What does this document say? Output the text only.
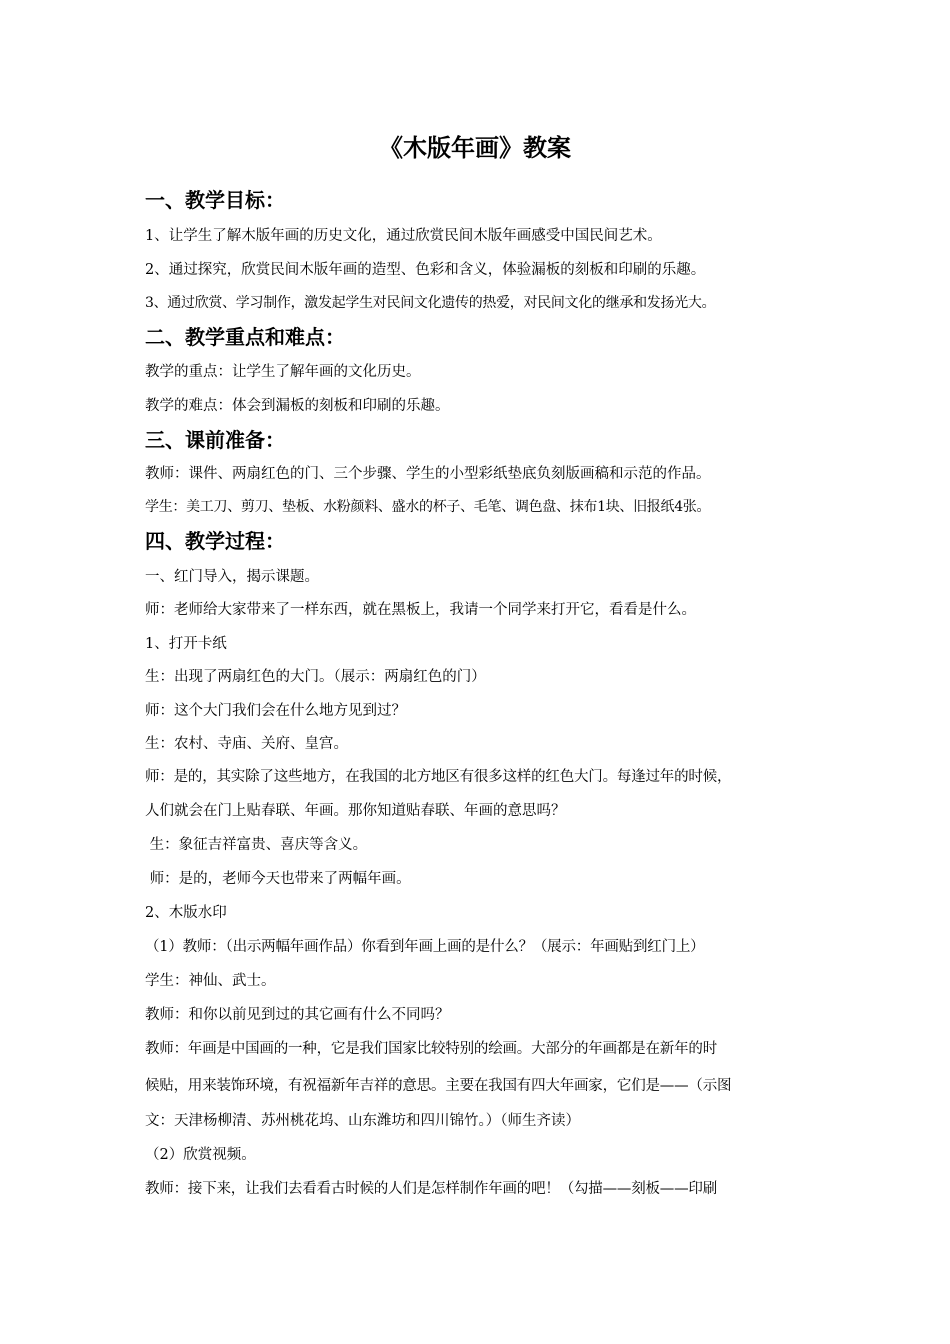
《木版年画》教案
一、教学目标：
1、让学生了解木版年画的历史文化，通过欣赏民间木版年画感受中国民间艺术。
2、通过探究，欣赏民间木版年画的造型、色彩和含义，体验漏板的刻板和印刷的乐趣。
3、通过欣赏、学习制作，激发起学生对民间文化遗传的热爱，对民间文化的继承和发扬光大。
二、教学重点和难点：
教学的重点：让学生了解年画的文化历史。
教学的难点：体会到漏板的刻板和印刷的乐趣。
三、课前准备：
教师：课件、两扇红色的门、三个步骤、学生的小型彩纸垫底负刻版画稿和示范的作品。
学生：美工刀、剪刀、垫板、水粉颜料、盛水的杯子、毛笔、调色盘、抹布1块、旧报纸4张。
四、教学过程：
一、红门导入，揭示课题。
师：老师给大家带来了一样东西，就在黑板上，我请一个同学来打开它，看看是什么。
1、打开卡纸
生：出现了两扇红色的大门。（展示：两扇红色的门）
师：这个大门我们会在什么地方见到过？
生：农村、寺庙、关府、皇宫。
师：是的，其实除了这些地方，在我国的北方地区有很多这样的红色大门。每逢过年的时候，
人们就会在门上贴春联、年画。那你知道贴春联、年画的意思吗？
生：象征吉祥富贵、喜庆等含义。
师：是的，老师今天也带来了两幅年画。
2、木版水印
（1）教师：（出示两幅年画作品）你看到年画上画的是什么？（展示：年画贴到红门上）
学生：神仙、武士。
教师：和你以前见到过的其它画有什么不同吗？
教师：年画是中国画的一种，它是我们国家比较特别的绘画。大部分的年画都是在新年的时
候贴，用来装饰环境，有祝福新年吉祥的意思。主要在我国有四大年画家，它们是——（示图
文：天津杨柳清、苏州桃花坞、山东潍坊和四川锦竹。）（师生齐读）
（2）欣赏视频。
教师：接下来，让我们去看看古时候的人们是怎样制作年画的吧！（勾描——刻板——印刷
